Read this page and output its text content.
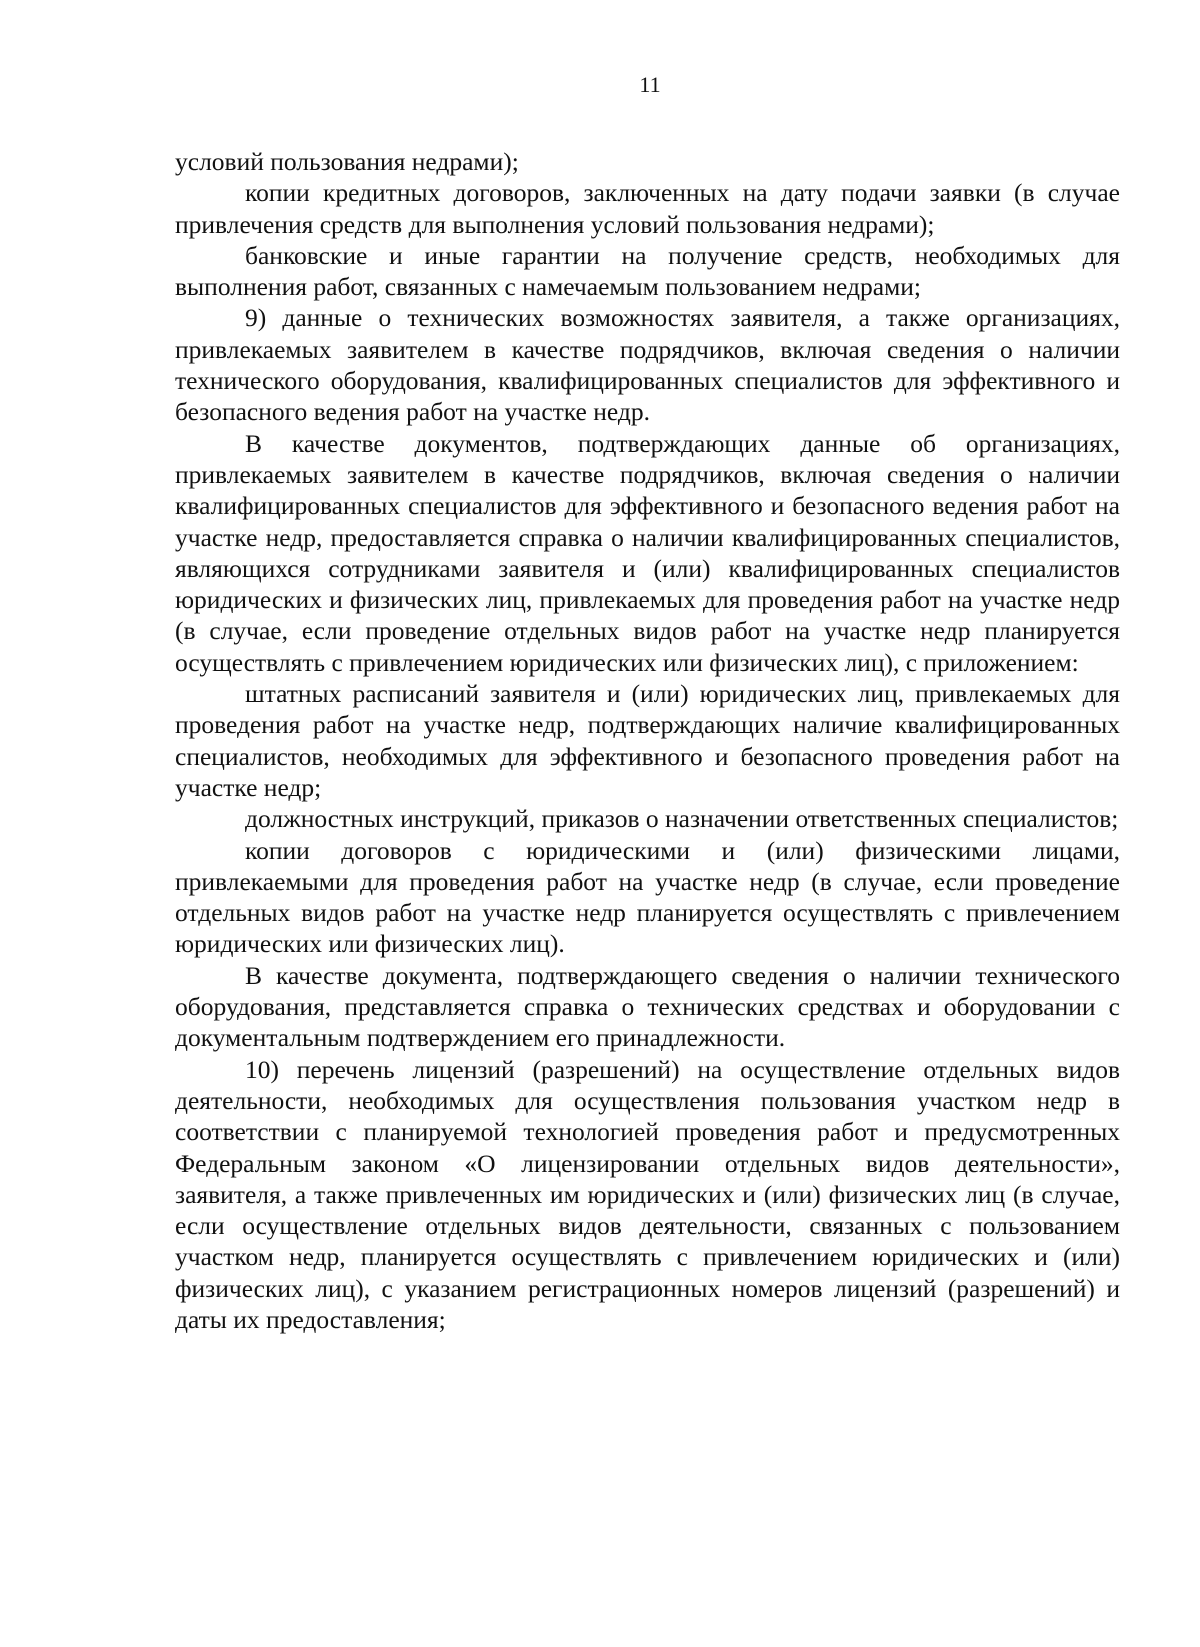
11

условий пользования недрами);

копии кредитных договоров, заключенных на дату подачи заявки (в случае привлечения средств для выполнения условий пользования недрами);

банковские и иные гарантии на получение средств, необходимых для выполнения работ, связанных с намечаемым пользованием недрами;

9) данные о технических возможностях заявителя, а также организациях, привлекаемых заявителем в качестве подрядчиков, включая сведения о наличии технического оборудования, квалифицированных специалистов для эффективного и безопасного ведения работ на участке недр.

В качестве документов, подтверждающих данные об организациях, привлекаемых заявителем в качестве подрядчиков, включая сведения о наличии квалифицированных специалистов для эффективного и безопасного ведения работ на участке недр, предоставляется справка о наличии квалифицированных специалистов, являющихся сотрудниками заявителя и (или) квалифицированных специалистов юридических и физических лиц, привлекаемых для проведения работ на участке недр (в случае, если проведение отдельных видов работ на участке недр планируется осуществлять с привлечением юридических или физических лиц), с приложением:

штатных расписаний заявителя и (или) юридических лиц, привлекаемых для проведения работ на участке недр, подтверждающих наличие квалифицированных специалистов, необходимых для эффективного и безопасного проведения работ на участке недр;

должностных инструкций, приказов о назначении ответственных специалистов;

копии договоров с юридическими и (или) физическими лицами, привлекаемыми для проведения работ на участке недр (в случае, если проведение отдельных видов работ на участке недр планируется осуществлять с привлечением юридических или физических лиц).

В качестве документа, подтверждающего сведения о наличии технического оборудования, представляется справка о технических средствах и оборудовании с документальным подтверждением его принадлежности.

10) перечень лицензий (разрешений) на осуществление отдельных видов деятельности, необходимых для осуществления пользования участком недр в соответствии с планируемой технологией проведения работ и предусмотренных Федеральным законом «О лицензировании отдельных видов деятельности», заявителя, а также привлеченных им юридических и (или) физических лиц (в случае, если осуществление отдельных видов деятельности, связанных с пользованием участком недр, планируется осуществлять с привлечением юридических и (или) физических лиц), с указанием регистрационных номеров лицензий (разрешений) и даты их предоставления;
